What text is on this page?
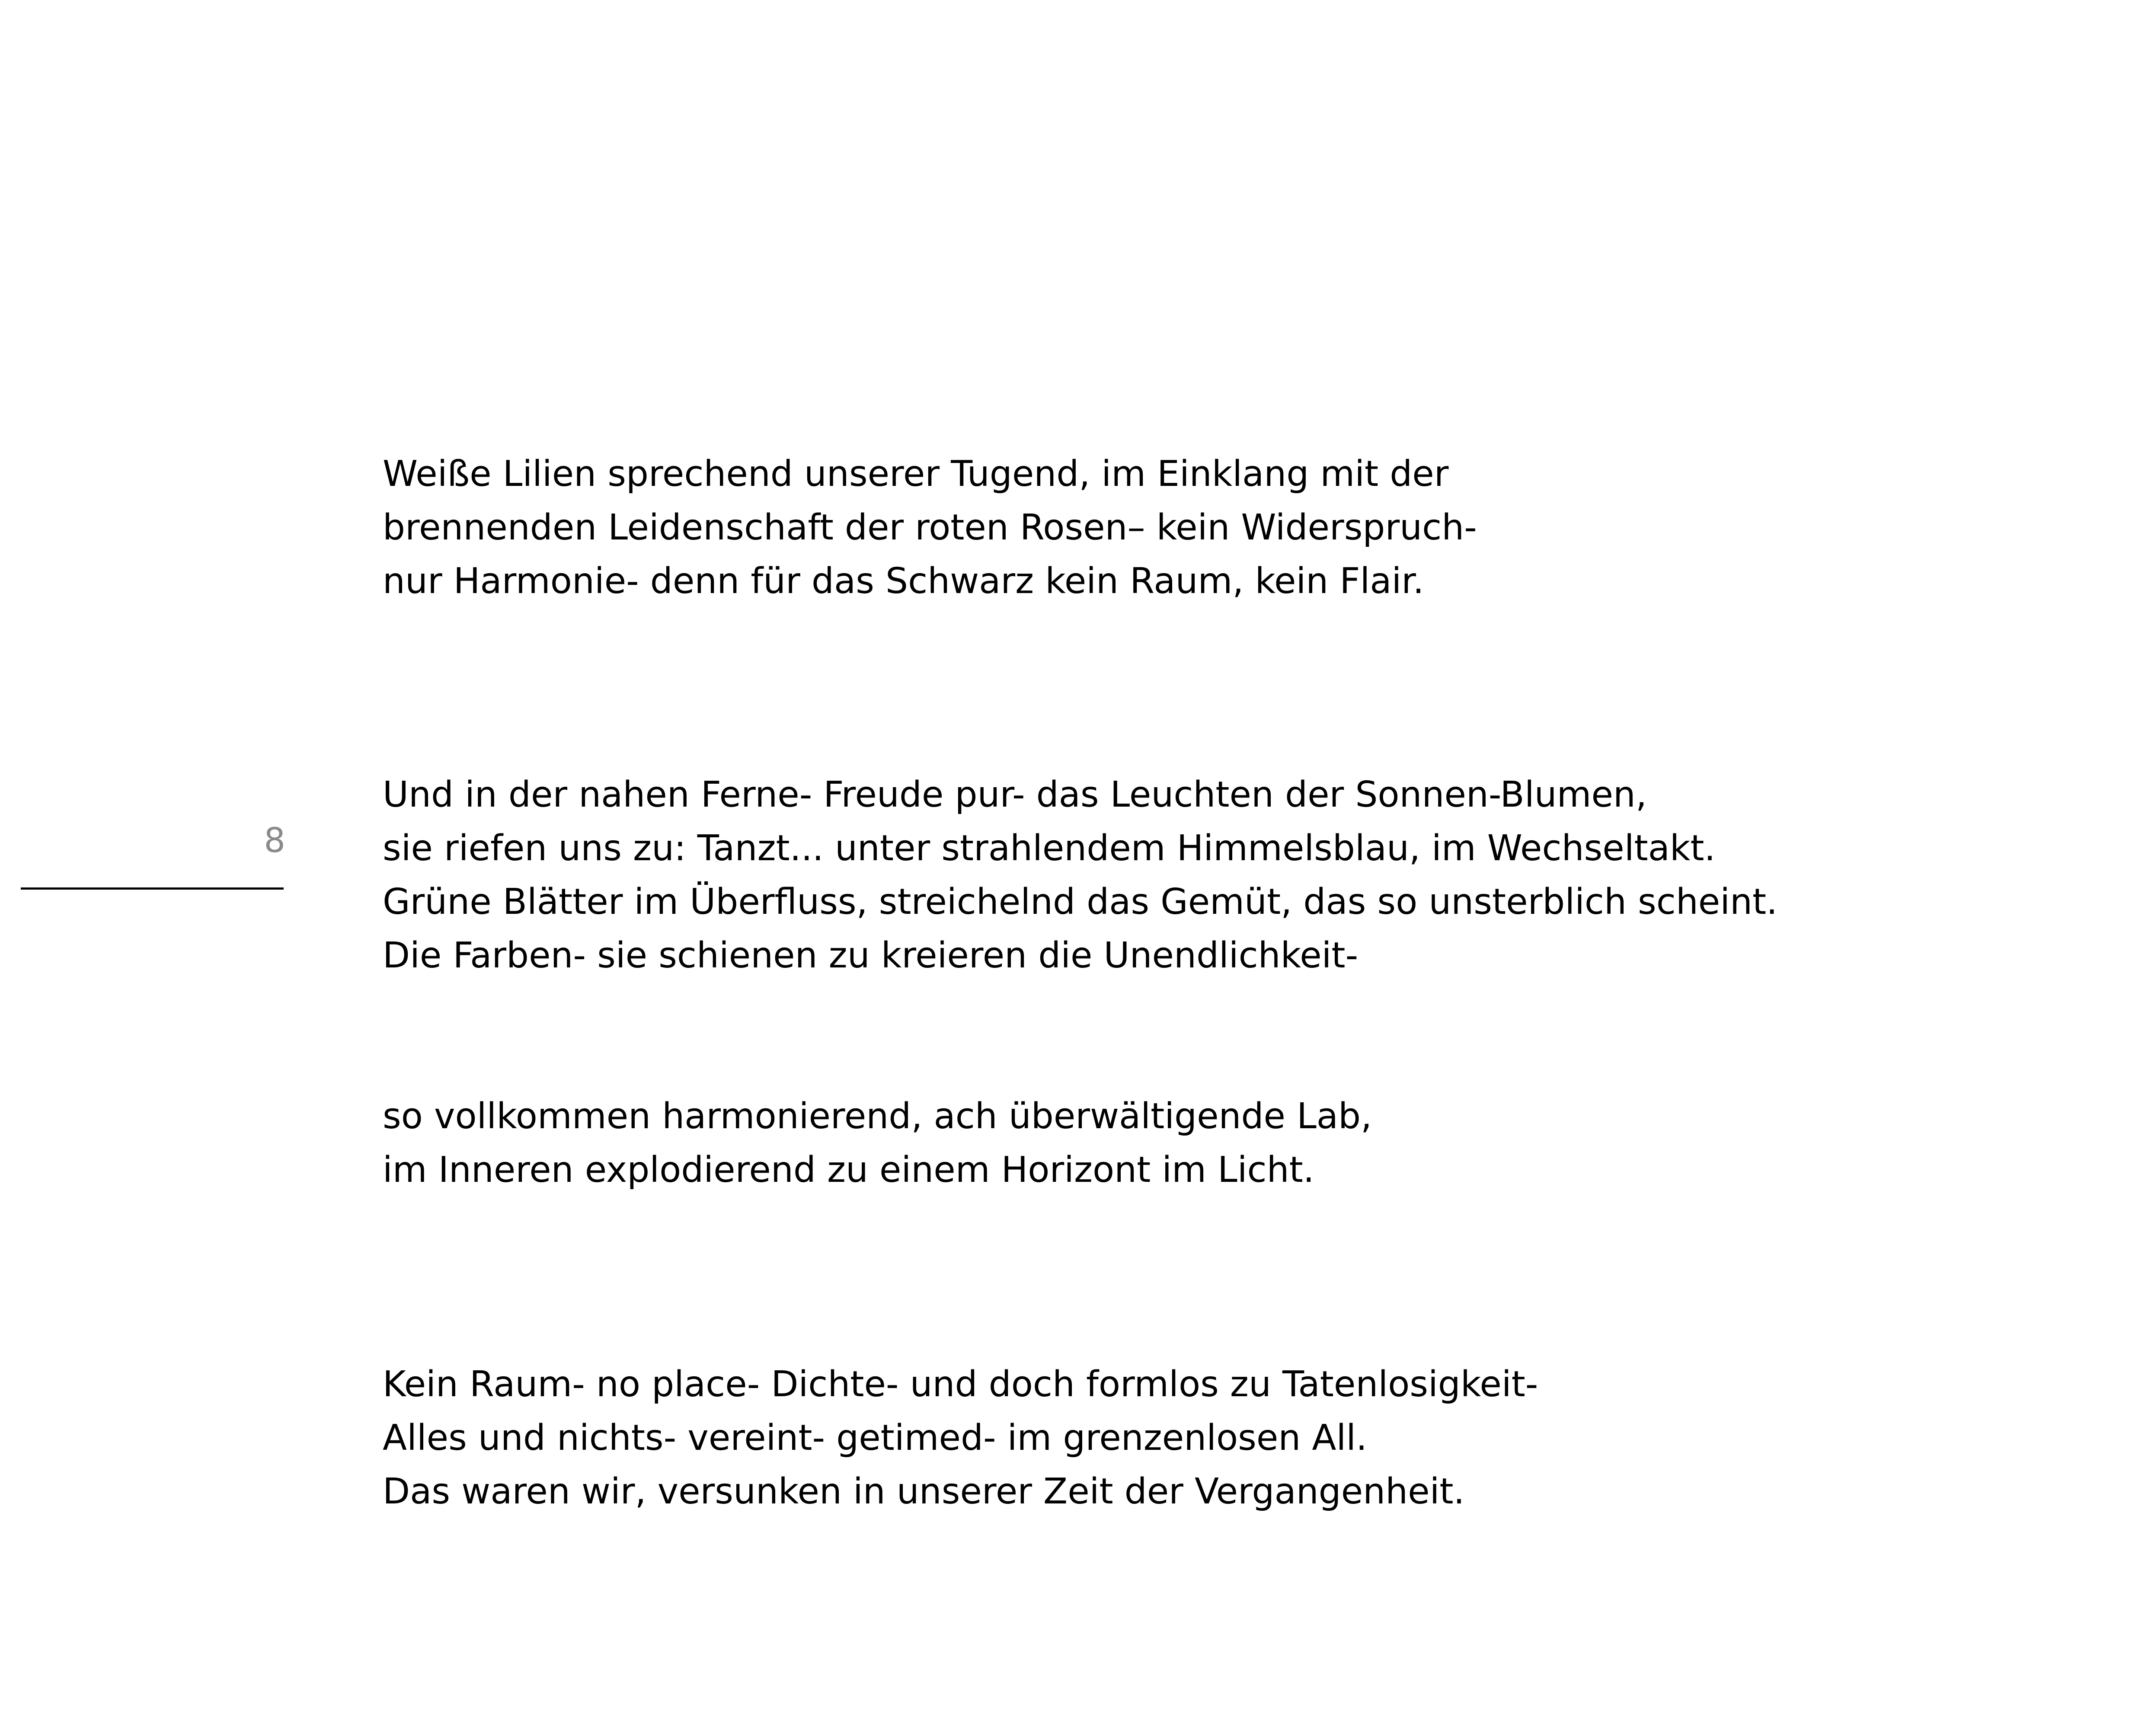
8
Weiße Lilien sprechend unserer Tugend, im Einklang mit der
brennenden Leidenschaft der roten Rosen– kein Widerspruch-
nur Harmonie- denn für das Schwarz kein Raum, kein Flair.
Und in der nahen Ferne- Freude pur- das Leuchten der Sonnen-Blumen,
sie riefen uns zu: Tanzt... unter strahlendem Himmelsblau, im Wechseltakt.
Grüne Blätter im Überfluss, streichelnd das Gemüt, das so unsterblich scheint.
Die Farben- sie schienen zu kreieren die Unendlichkeit-
so vollkommen harmonierend, ach überwältigende Lab,
im Inneren explodierend zu einem Horizont im Licht.
Kein Raum- no place- Dichte- und doch formlos zu Tatenlosigkeit-
Alles und nichts- vereint- getimed- im grenzenlosen All.
Das waren wir, versunken in unserer Zeit der Vergangenheit.
